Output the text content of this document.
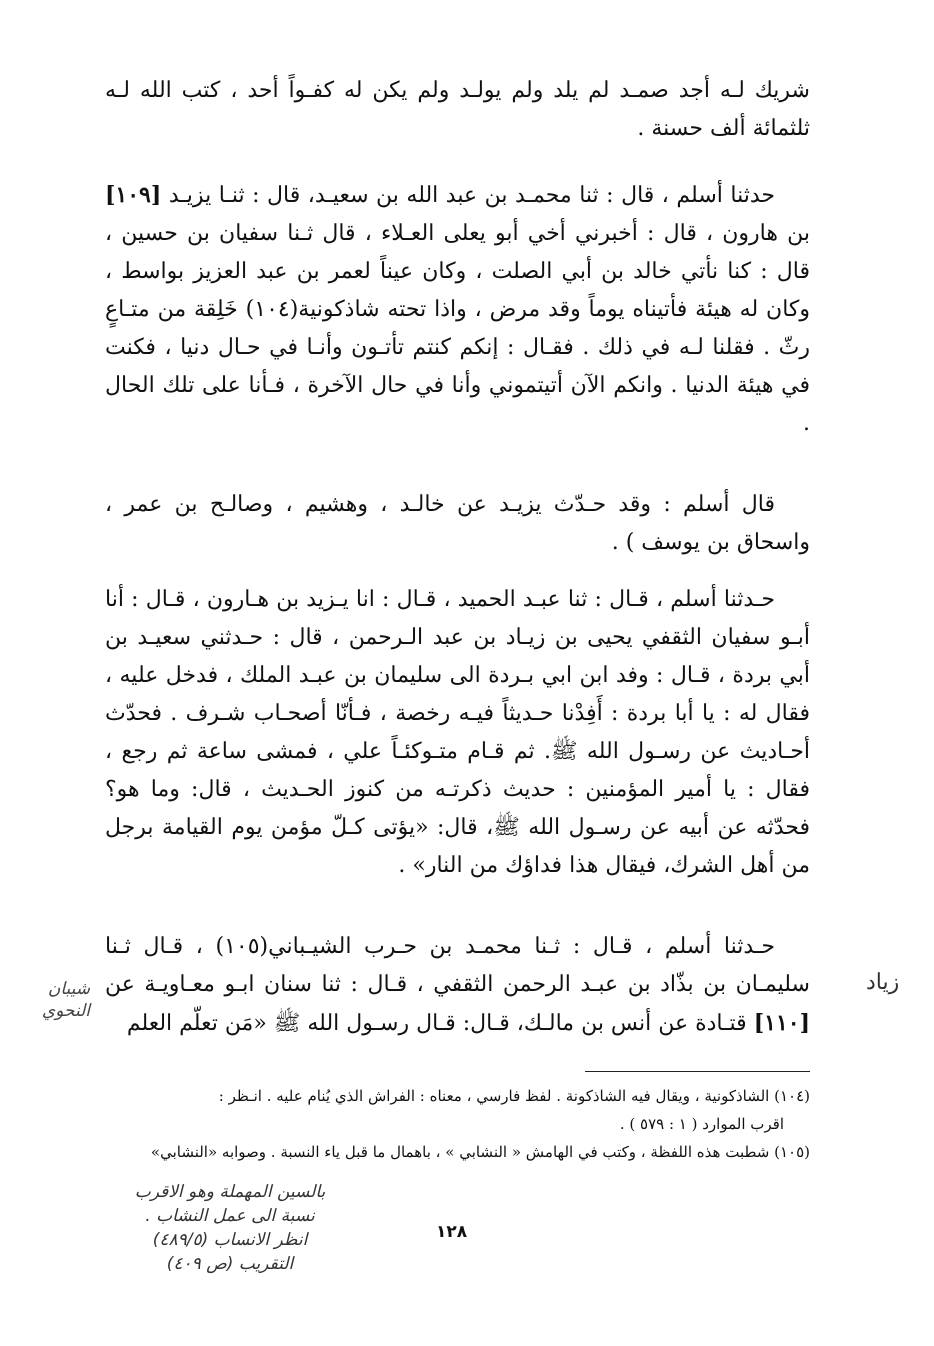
شريك لـه أجد صمـد لم يلد ولم يولـد ولم يكن له كفـواً أحد ، كتب الله لـه ثلثمائة ألف حسنة .

حدثنا أسلم ، قال : ثنا محمـد بن عبد الله بن سعيـد، قال : ثنـا يزيـد [١٠٩] بن هارون ، قال : أخبرني أخي أبو يعلى العـلاء ، قال ثـنا سفيان بن حسين ، قال : كنا نأتي خالد بن أبي الصلت ، وكان عيناً لعمر بن عبد العزيز بواسط ، وكان له هيئة فأتيناه يوماً وقد مرض ، واذا تحته شاذكونية(١٠٤) خَلِقة من متـاعٍ رثّ . فقلنا لـه في ذلك . فقـال : إنكم كنتم تأتـون وأنـا في حـال دنيا ، فكنت في هيئة الدنيا . وانكم الآن أتيتموني وأنا في حال الآخرة ، فـأنا على تلك الحال .

قال أسلم : وقد حـدّث يزيـد عن خالـد ، وهشيم ، وصالـح بن عمر ، واسحاق بن يوسف ) .

حـدثنا أسلم ، قـال : ثنا عبـد الحميد ، قـال : انا يـزيد بن هـارون ، قـال : أنا أبـو سفيان الثقفي يحيى بن زيـاد بن عبد الـرحمن ، قال : حـدثني سعيـد بن أبي بردة ، قـال : وفد ابن ابي بـردة الى سليمان بن عبـد الملك ، فدخل عليه ، فقال له : يا أبا بردة : أَفِدْنا حـديثاً فيـه رخصة ، فـأنّا أصحـاب شـرف . فحدّث أحـاديث عن رسـول الله ﷺ. ثم قـام متـوكئـاً علي ، فمشى ساعة ثم رجع ، فقال : يا أمير المؤمنين : حديث ذكرتـه من كنوز الحـديث ، قال: وما هو؟ فحدّثه عن أبيه عن رسـول الله ﷺ، قال: «يؤتى كـلّ مؤمن يوم القيامة برجل من أهل الشرك، فيقال هذا فداؤك من النار» .

حـدثنا أسلم ، قـال : ثـنا محمـد بن حـرب الشيـباني(١٠٥) ، قـال ثـنا سليمـان بن بذّاد بن عبـد الرحمن الثقفي ، قـال : ثنا سنان ابـو معـاويـة عن [١١٠] قتـادة عن أنس بن مالـك، قـال: قـال رسـول الله ﷺ «مَن تعلّم العلم

زياد
شيبان
النحوي

(١٠٤) الشاذكونية ، ويقال فيه الشاذكونة . لفظ فارسي ، معناه : الفراش الذي يُنام عليه . انـظر :

اقرب الموارد ( ١ : ٥٧٩ ) .

(١٠٥) شطبت هذه اللفظة ، وكتب في الهامش « النشابي » ، باهمال ما قبل ياء النسبة . وصوابه «النشابي»

بالسين المهملة وهو الاقرب
نسبة الى عمل النشاب .
انظر الانساب (٤٨٩/٥)
التقريب (ص ٤٠٩)
١٢٨
